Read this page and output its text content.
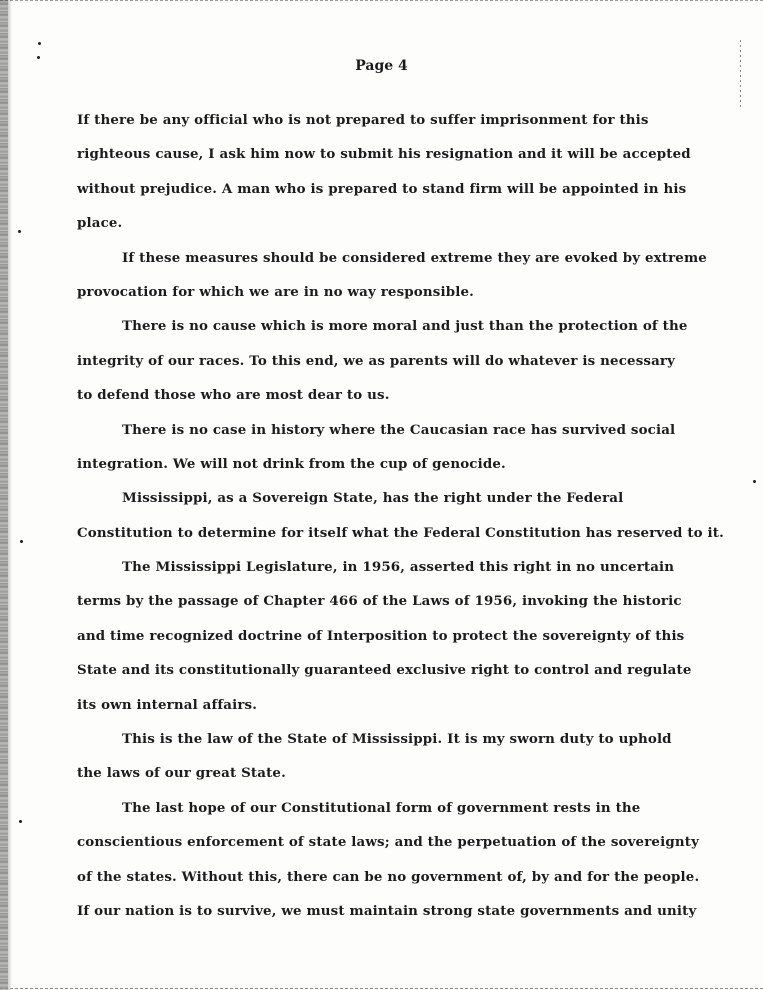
Page 4
If there be any official who is not prepared to suffer imprisonment for this
righteous cause, I ask him now to submit his resignation and it will be accepted
without prejudice. A man who is prepared to stand firm will be appointed in his
place.
If these measures should be considered extreme they are evoked by extreme
provocation for which we are in no way responsible.
There is no cause which is more moral and just than the protection of the
integrity of our races. To this end, we as parents will do whatever is necessary
to defend those who are most dear to us.
There is no case in history where the Caucasian race has survived social
integration. We will not drink from the cup of genocide.
Mississippi, as a Sovereign State, has the right under the Federal
Constitution to determine for itself what the Federal Constitution has reserved to it.
The Mississippi Legislature, in 1956, asserted this right in no uncertain
terms by the passage of Chapter 466 of the Laws of 1956, invoking the historic
and time recognized doctrine of Interposition to protect the sovereignty of this
State and its constitutionally guaranteed exclusive right to control and regulate
its own internal affairs.
This is the law of the State of Mississippi. It is my sworn duty to uphold
the laws of our great State.
The last hope of our Constitutional form of government rests in the
conscientious enforcement of state laws; and the perpetuation of the sovereignty
of the states. Without this, there can be no government of, by and for the people.
If our nation is to survive, we must maintain strong state governments and unity
